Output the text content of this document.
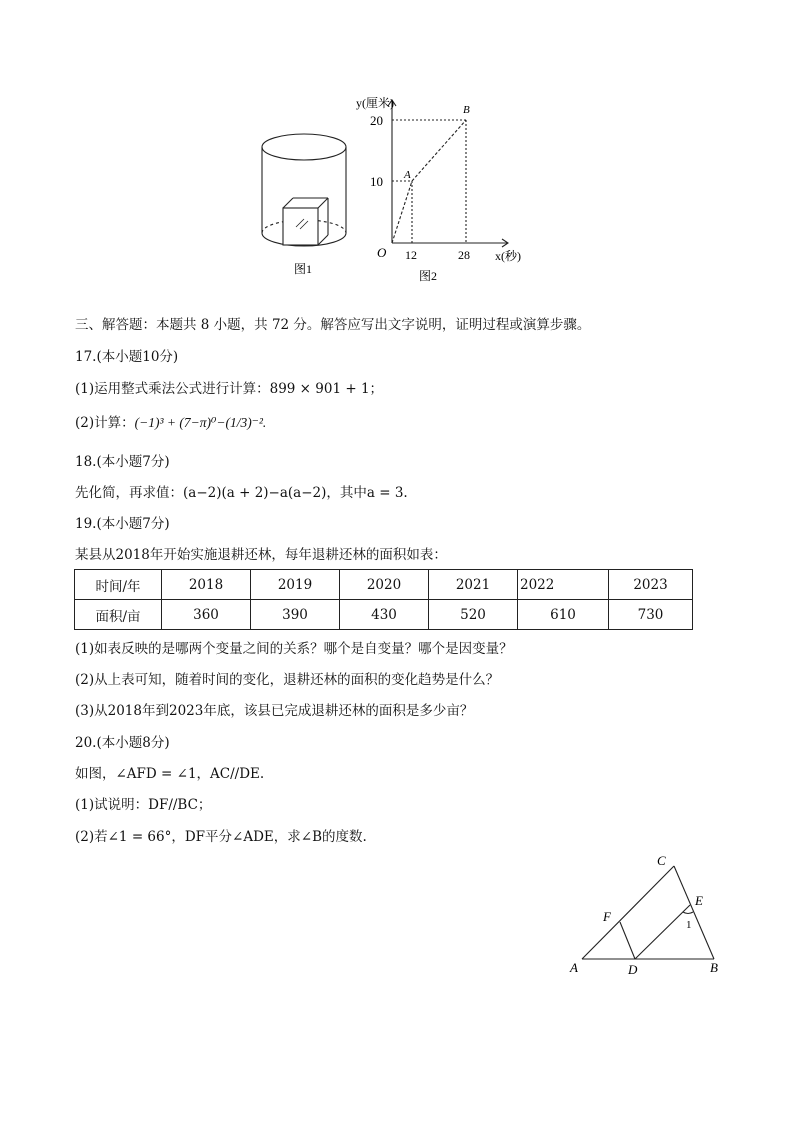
y(厘米)
20
10
O 12	28 x(秒)
A
B
图1	图2
三、解答题：本题共 8 小题，共 72 分。解答应写出文字说明，证明过程或演算步骤。
17.(本小题10分)
(1)运用整式乘法公式进行计算：899 × 901 + 1；
(2)计算：(−1)³ + (7−π)⁰−(1/3)⁻².
18.(本小题7分)
先化简，再求值：(a−2)(a + 2)−a(a−2)，其中a = 3.
19.(本小题7分)
某县从2018年开始实施退耕还林，每年退耕还林的面积如表：
时间/年	2018	2019	2020	2021	2022	2023
面积/亩	360	390	430	520	610	730
(1)如表反映的是哪两个变量之间的关系？哪个是自变量？哪个是因变量？
(2)从上表可知，随着时间的变化，退耕还林的面积的变化趋势是什么？
(3)从2018年到2023年底，该县已完成退耕还林的面积是多少亩？
20.(本小题8分)
如图，∠AFD = ∠1，AC//DE.
(1)试说明：DF//BC；
(2)若∠1 = 66°，DF平分∠ADE，求∠B的度数.
C
E
F
1
A	D	B
